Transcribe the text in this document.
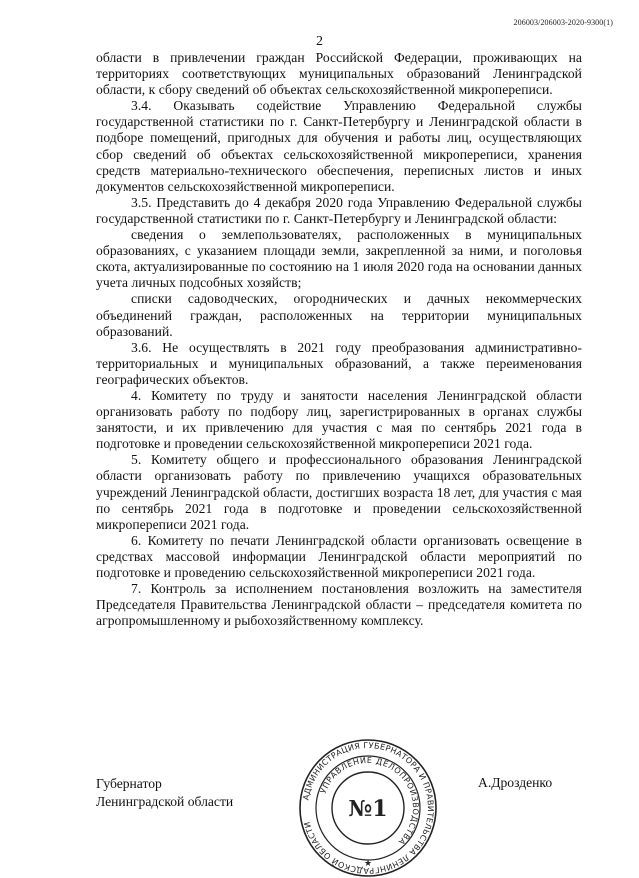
206003/206003-2020-9300(1)
2

области в привлечении граждан Российской Федерации, проживающих на территориях соответствующих муниципальных образований Ленинградской области, к сбору сведений об объектах сельскохозяйственной микропереписи.

3.4. Оказывать содействие Управлению Федеральной службы государственной статистики по г. Санкт-Петербургу и Ленинградской области в подборе помещений, пригодных для обучения и работы лиц, осуществляющих сбор сведений об объектах сельскохозяйственной микропереписи, хранения средств материально-технического обеспечения, переписных листов и иных документов сельскохозяйственной микропереписи.

3.5. Представить до 4 декабря 2020 года Управлению Федеральной службы государственной статистики по г. Санкт-Петербургу и Ленинградской области:

сведения о землепользователях, расположенных в муниципальных образованиях, с указанием площади земли, закрепленной за ними, и поголовья скота, актуализированные по состоянию на 1 июля 2020 года на основании данных учета личных подсобных хозяйств;

списки садоводческих, огороднических и дачных некоммерческих объединений граждан, расположенных на территории муниципальных образований.

3.6. Не осуществлять в 2021 году преобразования административно-территориальных и муниципальных образований, а также переименования географических объектов.

4. Комитету по труду и занятости населения Ленинградской области организовать работу по подбору лиц, зарегистрированных в органах службы занятости, и их привлечению для участия с мая по сентябрь 2021 года в подготовке и проведении сельскохозяйственной микропереписи 2021 года.

5. Комитету общего и профессионального образования Ленинградской области организовать работу по привлечению учащихся образовательных учреждений Ленинградской области, достигших возраста 18 лет, для участия с мая по сентябрь 2021 года в подготовке и проведении сельскохозяйственной микропереписи 2021 года.

6. Комитету по печати Ленинградской области организовать освещение в средствах массовой информации Ленинградской области мероприятий по подготовке и проведению сельскохозяйственной микропереписи 2021 года.

7. Контроль за исполнением постановления возложить на заместителя Председателя Правительства Ленинградской области – председателя комитета по агропромышленному и рыбохозяйственному комплексу.

Губернатор
Ленинградской области
А.Дрозденко
АДМИНИСТРАЦИЯ ГУБЕРНАТОРА И ПРАВИТЕЛЬСТВА ЛЕНИНГРАДСКОЙ ОБЛАСТИ
УПРАВЛЕНИЕ ДЕЛОПРОИЗВОДСТВА
№1
★
